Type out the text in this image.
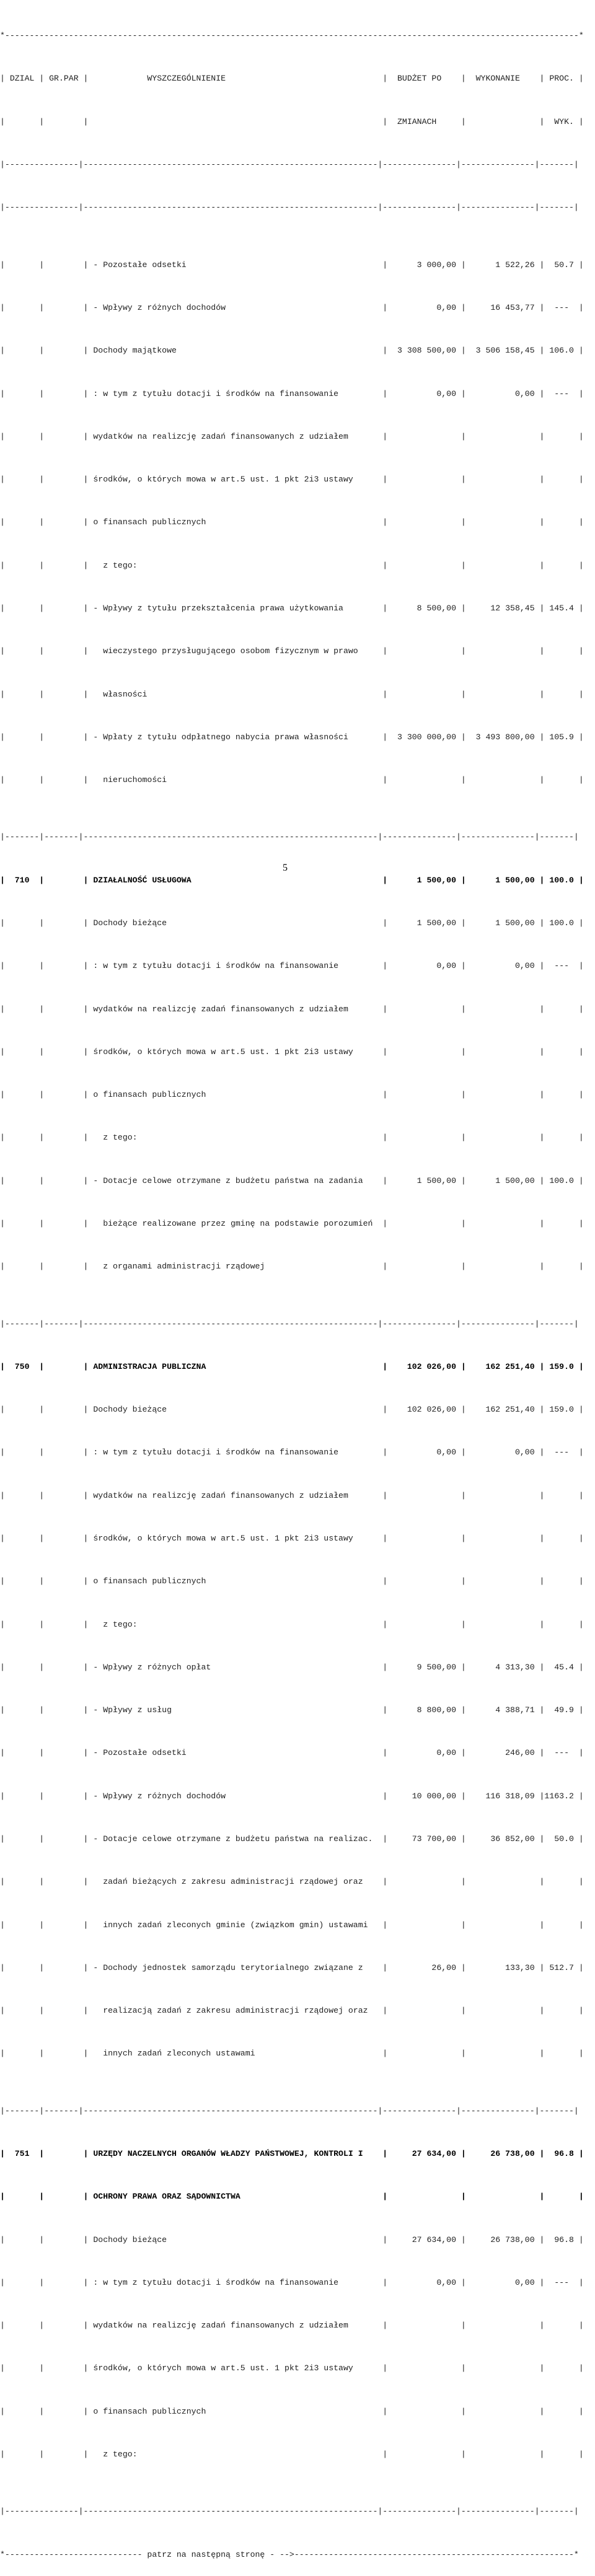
*---------------------------------------------------------------------------------------------------------------------*

| DZIAL | GR.PAR |            WYSZCZEGÓLNIENIE                                |  BUDŻET PO    |  WYKONANIE    | PROC. |

|       |        |                                                            |  ZMIANACH     |               |  WYK. |

|---------------|------------------------------------------------------------|---------------|---------------|-------|

|---------------|------------------------------------------------------------|---------------|---------------|-------|

|       |        | - Pozostałe odsetki                                        |      3 000,00 |      1 522,26 |  50.7 |

|       |        | - Wpływy z różnych dochodów                                |          0,00 |     16 453,77 |  ---  |

|       |        | Dochody majątkowe                                          |  3 308 500,00 |  3 506 158,45 | 106.0 |

|       |        | : w tym z tytułu dotacji i środków na finansowanie         |          0,00 |          0,00 |  ---  |

|       |        | wydatków na realizcję zadań finansowanych z udziałem       |               |               |       |

|       |        | środków, o których mowa w art.5 ust. 1 pkt 2i3 ustawy      |               |               |       |

|       |        | o finansach publicznych                                    |               |               |       |

|       |        |   z tego:                                                  |               |               |       |

|       |        | - Wpływy z tytułu przekształcenia prawa użytkowania        |      8 500,00 |     12 358,45 | 145.4 |

|       |        |   wieczystego przysługującego osobom fizycznym w prawo     |               |               |       |

|       |        |   własności                                                |               |               |       |

|       |        | - Wpłaty z tytułu odpłatnego nabycia prawa własności       |  3 300 000,00 |  3 493 800,00 | 105.9 |

|       |        |   nieruchomości                                            |               |               |       |

|-------|-------|------------------------------------------------------------|---------------|---------------|-------|

|  710  |        | DZIAŁALNOŚĆ USŁUGOWA                                       |      1 500,00 |      1 500,00 | 100.0 |

|       |        | Dochody bieżące                                            |      1 500,00 |      1 500,00 | 100.0 |

|       |        | : w tym z tytułu dotacji i środków na finansowanie         |          0,00 |          0,00 |  ---  |

|       |        | wydatków na realizcję zadań finansowanych z udziałem       |               |               |       |

|       |        | środków, o których mowa w art.5 ust. 1 pkt 2i3 ustawy      |               |               |       |

|       |        | o finansach publicznych                                    |               |               |       |

|       |        |   z tego:                                                  |               |               |       |

|       |        | - Dotacje celowe otrzymane z budżetu państwa na zadania    |      1 500,00 |      1 500,00 | 100.0 |

|       |        |   bieżące realizowane przez gminę na podstawie porozumień  |               |               |       |

|       |        |   z organami administracji rządowej                        |               |               |       |

|-------|-------|------------------------------------------------------------|---------------|---------------|-------|

|  750  |        | ADMINISTRACJA PUBLICZNA                                    |    102 026,00 |    162 251,40 | 159.0 |

|       |        | Dochody bieżące                                            |    102 026,00 |    162 251,40 | 159.0 |

|       |        | : w tym z tytułu dotacji i środków na finansowanie         |          0,00 |          0,00 |  ---  |

|       |        | wydatków na realizcję zadań finansowanych z udziałem       |               |               |       |

|       |        | środków, o których mowa w art.5 ust. 1 pkt 2i3 ustawy      |               |               |       |

|       |        | o finansach publicznych                                    |               |               |       |

|       |        |   z tego:                                                  |               |               |       |

|       |        | - Wpływy z różnych opłat                                   |      9 500,00 |      4 313,30 |  45.4 |

|       |        | - Wpływy z usług                                           |      8 800,00 |      4 388,71 |  49.9 |

|       |        | - Pozostałe odsetki                                        |          0,00 |        246,00 |  ---  |

|       |        | - Wpływy z różnych dochodów                                |     10 000,00 |    116 318,09 |1163.2 |

|       |        | - Dotacje celowe otrzymane z budżetu państwa na realizac.  |     73 700,00 |     36 852,00 |  50.0 |

|       |        |   zadań bieżących z zakresu administracji rządowej oraz    |               |               |       |

|       |        |   innych zadań zleconych gminie (związkom gmin) ustawami   |               |               |       |

|       |        | - Dochody jednostek samorządu terytorialnego związane z    |         26,00 |        133,30 | 512.7 |

|       |        |   realizacją zadań z zakresu administracji rządowej oraz   |               |               |       |

|       |        |   innych zadań zleconych ustawami                          |               |               |       |

|-------|-------|------------------------------------------------------------|---------------|---------------|-------|

|  751  |        | URZĘDY NACZELNYCH ORGANÓW WŁADZY PAŃSTWOWEJ, KONTROLI I    |     27 634,00 |     26 738,00 |  96.8 |

|       |        | OCHRONY PRAWA ORAZ SĄDOWNICTWA                             |               |               |       |

|       |        | Dochody bieżące                                            |     27 634,00 |     26 738,00 |  96.8 |

|       |        | : w tym z tytułu dotacji i środków na finansowanie         |          0,00 |          0,00 |  ---  |

|       |        | wydatków na realizcję zadań finansowanych z udziałem       |               |               |       |

|       |        | środków, o których mowa w art.5 ust. 1 pkt 2i3 ustawy      |               |               |       |

|       |        | o finansach publicznych                                    |               |               |       |

|       |        |   z tego:                                                  |               |               |       |

|---------------|------------------------------------------------------------|---------------|---------------|-------|

*---------------------------- patrz na następną stronę - -->---------------------------------------------------------*

5
